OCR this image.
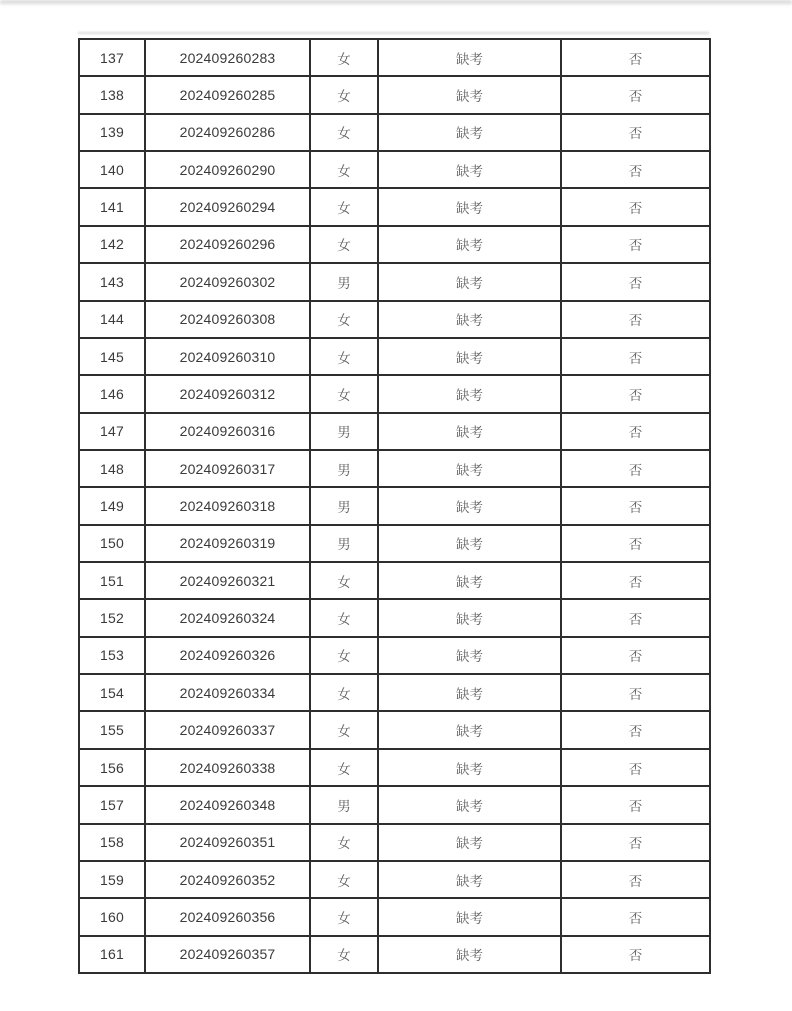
137	202409260283	女	缺考	否
138	202409260285	女	缺考	否
139	202409260286	女	缺考	否
140	202409260290	女	缺考	否
141	202409260294	女	缺考	否
142	202409260296	女	缺考	否
143	202409260302	男	缺考	否
144	202409260308	女	缺考	否
145	202409260310	女	缺考	否
146	202409260312	女	缺考	否
147	202409260316	男	缺考	否
148	202409260317	男	缺考	否
149	202409260318	男	缺考	否
150	202409260319	男	缺考	否
151	202409260321	女	缺考	否
152	202409260324	女	缺考	否
153	202409260326	女	缺考	否
154	202409260334	女	缺考	否
155	202409260337	女	缺考	否
156	202409260338	女	缺考	否
157	202409260348	男	缺考	否
158	202409260351	女	缺考	否
159	202409260352	女	缺考	否
160	202409260356	女	缺考	否
161	202409260357	女	缺考	否
